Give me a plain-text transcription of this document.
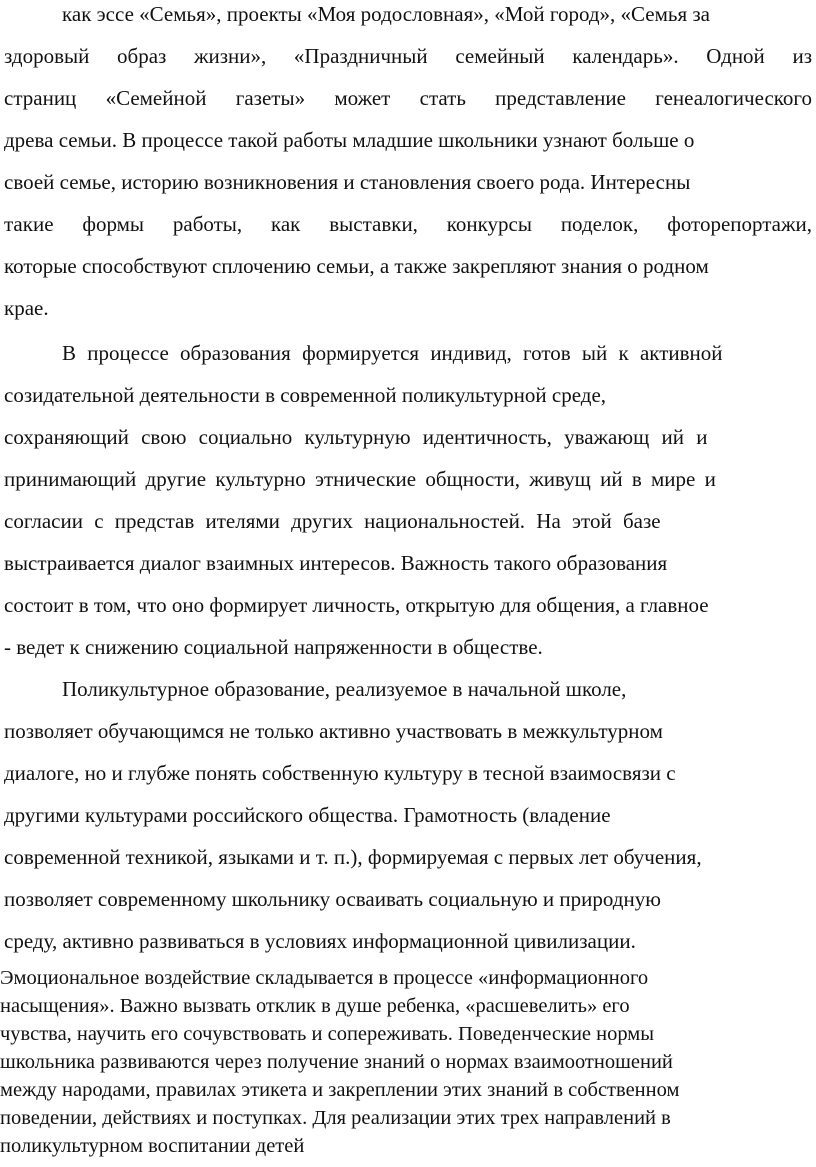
как эссе «Семья», проекты «Моя родословная», «Мой город», «Семья за
здоровый образ жизни», «Праздничный семейный календарь». Одной из
страниц «Семейной газеты» может стать представление генеалогического
древа семьи. В процессе такой работы младшие школьники узнают больше о
своей семье, историю возникновения и становления своего рода. Интересны
такие формы работы, как выставки, конкурсы поделок, фоторепортажи,
которые способствуют сплочению семьи, а также закрепляют знания о родном
крае.
В процессе образования формируется индивид, готов ый к активной
созидательной деятельности в современной поликультурной среде,
сохраняющий свою социально культурную идентичность, уважающ ий и
принимающий другие культурно этнические общности, живущ ий в мире и
согласии с представ ителями других национальностей. На этой базе
выстраивается диалог взаимных интересов. Важность такого образования
состоит в том, что оно формирует личность, открытую для общения, а главное
- ведет к снижению социальной напряженности в обществе.
Поликультурное образование, реализуемое в начальной школе,
позволяет обучающимся не только активно участвовать в межкультурном
диалоге, но и глубже понять собственную культуру в тесной взаимосвязи с
другими культурами российского общества. Грамотность (владение
современной техникой, языками и т. п.), формируемая с первых лет обучения,
позволяет современному школьнику осваивать социальную и природную
среду, активно развиваться в условиях информационной цивилизации.
Эмоциональное воздействие складывается в процессе «информационного
насыщения». Важно вызвать отклик в душе ребенка, «расшевелить» его
чувства, научить его сочувствовать и сопереживать. Поведенческие нормы
школьника развиваются через получение знаний о нормах взаимоотношений
между народами, правилах этикета и закреплении этих знаний в собственном
поведении, действиях и поступках. Для реализации этих трех направлений в
поликультурном воспитании детей
